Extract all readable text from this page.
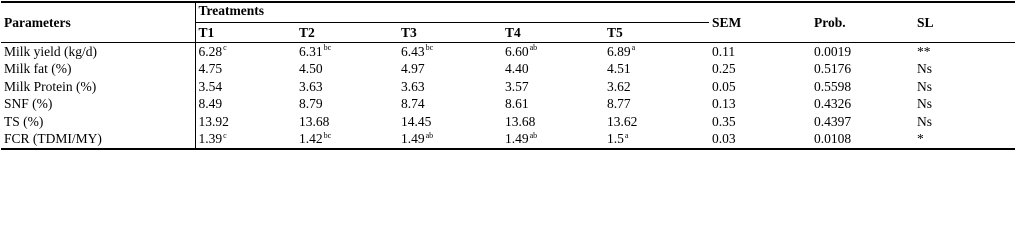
Parameters	Treatments					SEM	Prob.	SL
	T1	T2	T3	T4	T5			
Milk yield (kg/d)	6.28$^c$	6.31$^{bc}$	6.43$^{bc}$	6.60$^{ab}$	6.89$^a$	0.11	0.0019	**
Milk fat (%)	4.75	4.50	4.97	4.40	4.51	0.25	0.5176	Ns
Milk Protein (%)	3.54	3.63	3.63	3.57	3.62	0.05	0.5598	Ns
SNF (%)	8.49	8.79	8.74	8.61	8.77	0.13	0.4326	Ns
TS (%)	13.92	13.68	14.45	13.68	13.62	0.35	0.4397	Ns
FCR (TDMI/MY)	1.39$^c$	1.42$^{bc}$	1.49$^{ab}$	1.49$^{ab}$	1.5$^a$	0.03	0.0108	*
